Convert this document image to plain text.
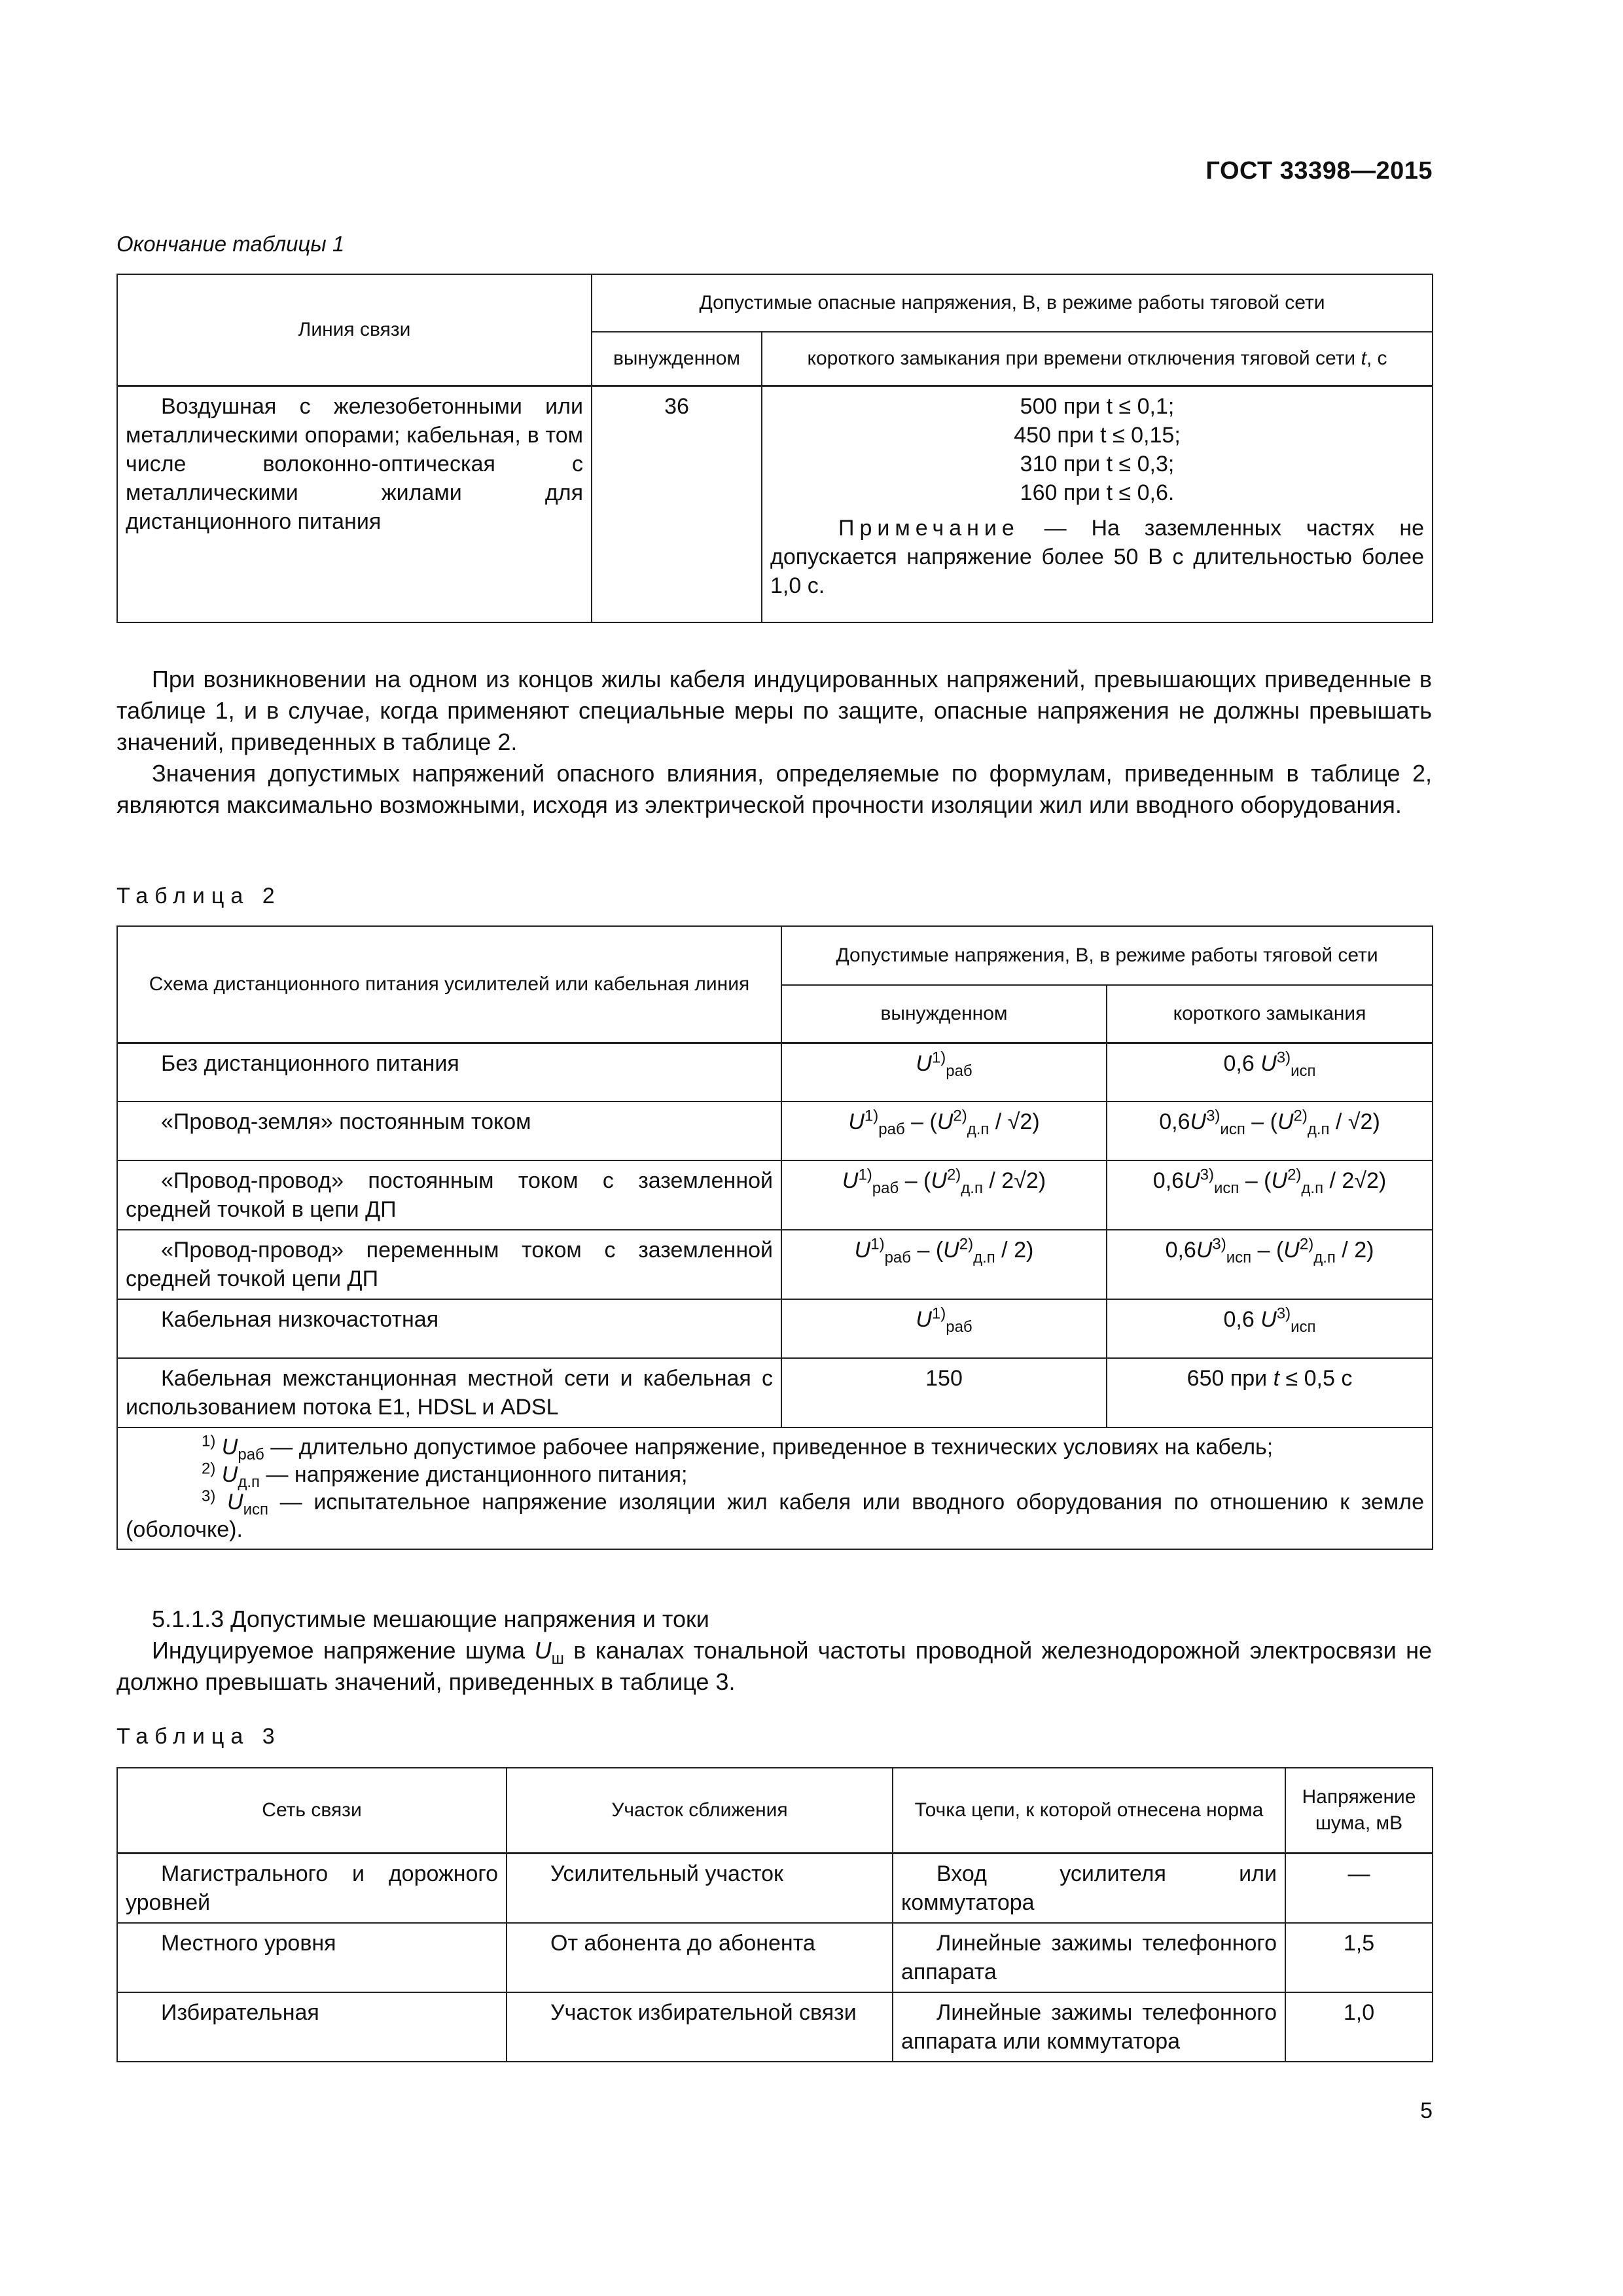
ГОСТ 33398—2015
Окончание таблицы 1
Линия связи	Допустимые опасные напряжения, В, в режиме работы тяговой сети	
	вынужденном	короткого замыкания при времени отключения тяговой сети t, с
Воздушная с железобетонными или металлическими опорами; кабельная, в том числе волоконно-оптическая с металлическими жилами для дистанционного питания	36	500 при t ≤ 0,1;
450 при t ≤ 0,15;
310 при t ≤ 0,3;
160 при t ≤ 0,6.
Примечание — На заземленных частях не допускается напряжение более 50 В с длительностью более 1,0 с.
При возникновении на одном из концов жилы кабеля индуцированных напряжений, превышающих приведенные в таблице 1, и в случае, когда применяют специальные меры по защите, опасные напряжения не должны превышать значений, приведенных в таблице 2.
Значения допустимых напряжений опасного влияния, определяемые по формулам, приведенным в таблице 2, являются максимально возможными, исходя из электрической прочности изоляции жил или вводного оборудования.
Таблица 2
Схема дистанционного питания усилителей или кабельная линия	Допустимые напряжения, В, в режиме работы тяговой сети	
	вынужденном	короткого замыкания
Без дистанционного питания	$U^{1)}_{раб}$	0,6 $U^{3)}_{исп}$
«Провод-земля» постоянным током	$U^{1)}_{раб} - (U^{2)}_{д.п} / √2)$	$0,6U^{3)}_{исп} - (U^{2)}_{д.п} / √2)$
«Провод-провод» постоянным током с заземленной средней точкой в цепи ДП	$U^{1)}_{раб} - (U^{2)}_{д.п} / 2√2)$	$0,6U^{3)}_{исп} - (U^{2)}_{д.п} / 2√2)$
«Провод-провод» переменным током с заземленной средней точкой цепи ДП	$U^{1)}_{раб} - (U^{2)}_{д.п} / 2)$	$0,6U^{3)}_{исп} - (U^{2)}_{д.п} / 2)$
Кабельная низкочастотная	$U^{1)}_{раб}$	0,6 $U^{3)}_{исп}$
Кабельная межстанционная местной сети и кабельная с использованием потока E1, HDSL и ADSL	150	650 при t ≤ 0,5 с

$^{1)}$ $U_{раб}$ — длительно допустимое рабочее напряжение, приведенное в технических условиях на кабель;
$^{2)}$ $U_{д.п}$ — напряжение дистанционного питания;
$^{3)}$ $U_{исп}$ — испытательное напряжение изоляции жил кабеля или вводного оборудования по отношению к земле (оболочке).		
5.1.1.3 Допустимые мешающие напряжения и токи
Индуцируемое напряжение шума $U_ш$ в каналах тональной частоты проводной железнодорожной электросвязи не должно превышать значений, приведенных в таблице 3.
Таблица 3
Сеть связи	Участок сближения	Точка цепи, к которой отнесена норма	Напряжение шума, мВ
Магистрального и дорожного уровней	Усилительный участок	Вход усилителя или коммутатора	—
Местного уровня	От абонента до абонента	Линейные зажимы телефонного аппарата	1,5
Избирательная	Участок избирательной связи	Линейные зажимы телефонного аппарата или коммутатора	1,0
5
